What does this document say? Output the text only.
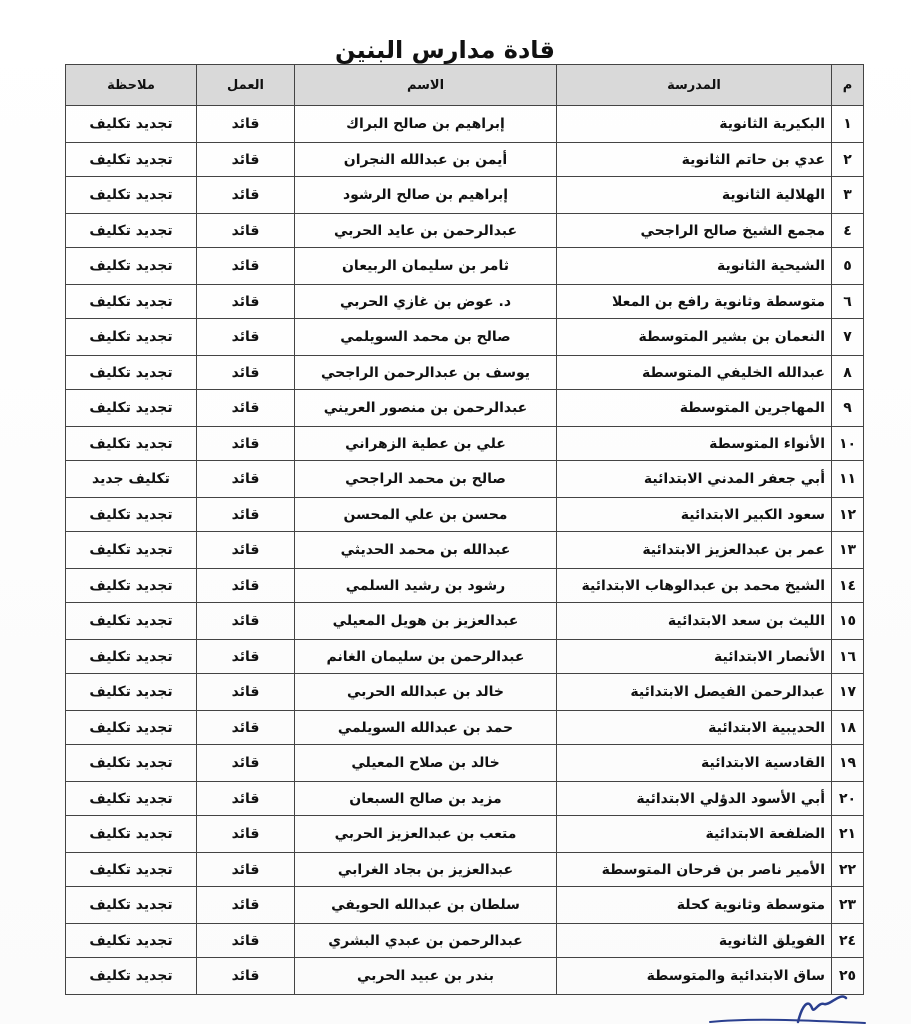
قادة مدارس البنين
م	المدرسة	الاسم	العمل	ملاحظة
١	البكيرية الثانوية	إبراهيم بن صالح البراك	قائد	تجديد تكليف
٢	عدي بن حاتم الثانوية	أيمن بن عبدالله النجران	قائد	تجديد تكليف
٣	الهلالية الثانوية	إبراهيم بن صالح الرشود	قائد	تجديد تكليف
٤	مجمع الشيخ صالح الراجحي	عبدالرحمن بن عايد الحربي	قائد	تجديد تكليف
٥	الشيحية الثانوية	ثامر بن سليمان الربيعان	قائد	تجديد تكليف
٦	متوسطة وثانوية رافع بن المعلا	د. عوض بن غازي الحربي	قائد	تجديد تكليف
٧	النعمان بن بشير المتوسطة	صالح بن محمد السويلمي	قائد	تجديد تكليف
٨	عبدالله الخليفي المتوسطة	يوسف بن عبدالرحمن الراجحي	قائد	تجديد تكليف
٩	المهاجرين المتوسطة	عبدالرحمن بن منصور العريني	قائد	تجديد تكليف
١٠	الأنواء المتوسطة	علي بن عطية الزهراني	قائد	تجديد تكليف
١١	أبي جعفر المدني الابتدائية	صالح بن محمد الراجحي	قائد	تكليف جديد
١٢	سعود الكبير الابتدائية	محسن بن علي المحسن	قائد	تجديد تكليف
١٣	عمر بن عبدالعزيز الابتدائية	عبدالله بن محمد الحديثي	قائد	تجديد تكليف
١٤	الشيخ محمد بن عبدالوهاب الابتدائية	رشود بن رشيد السلمي	قائد	تجديد تكليف
١٥	الليث بن سعد الابتدائية	عبدالعزيز بن هويل المعيلي	قائد	تجديد تكليف
١٦	الأنصار الابتدائية	عبدالرحمن بن سليمان الغانم	قائد	تجديد تكليف
١٧	عبدالرحمن الفيصل الابتدائية	خالد بن عبدالله الحربي	قائد	تجديد تكليف
١٨	الحديبية الابتدائية	حمد بن عبدالله السويلمي	قائد	تجديد تكليف
١٩	القادسية الابتدائية	خالد بن صلاح المعيلي	قائد	تجديد تكليف
٢٠	أبي الأسود الدؤلي الابتدائية	مزيد بن صالح السبعان	قائد	تجديد تكليف
٢١	الضلفعة الابتدائية	متعب بن عبدالعزيز الحربي	قائد	تجديد تكليف
٢٢	الأمير ناصر بن فرحان المتوسطة	عبدالعزيز بن بجاد الغرابي	قائد	تجديد تكليف
٢٣	متوسطة وثانوية كحلة	سلطان بن عبدالله الحويفي	قائد	تجديد تكليف
٢٤	الفويلق الثانوية	عبدالرحمن بن عبدي البشري	قائد	تجديد تكليف
٢٥	ساق الابتدائية والمتوسطة	بندر بن عبيد الحربي	قائد	تجديد تكليف
